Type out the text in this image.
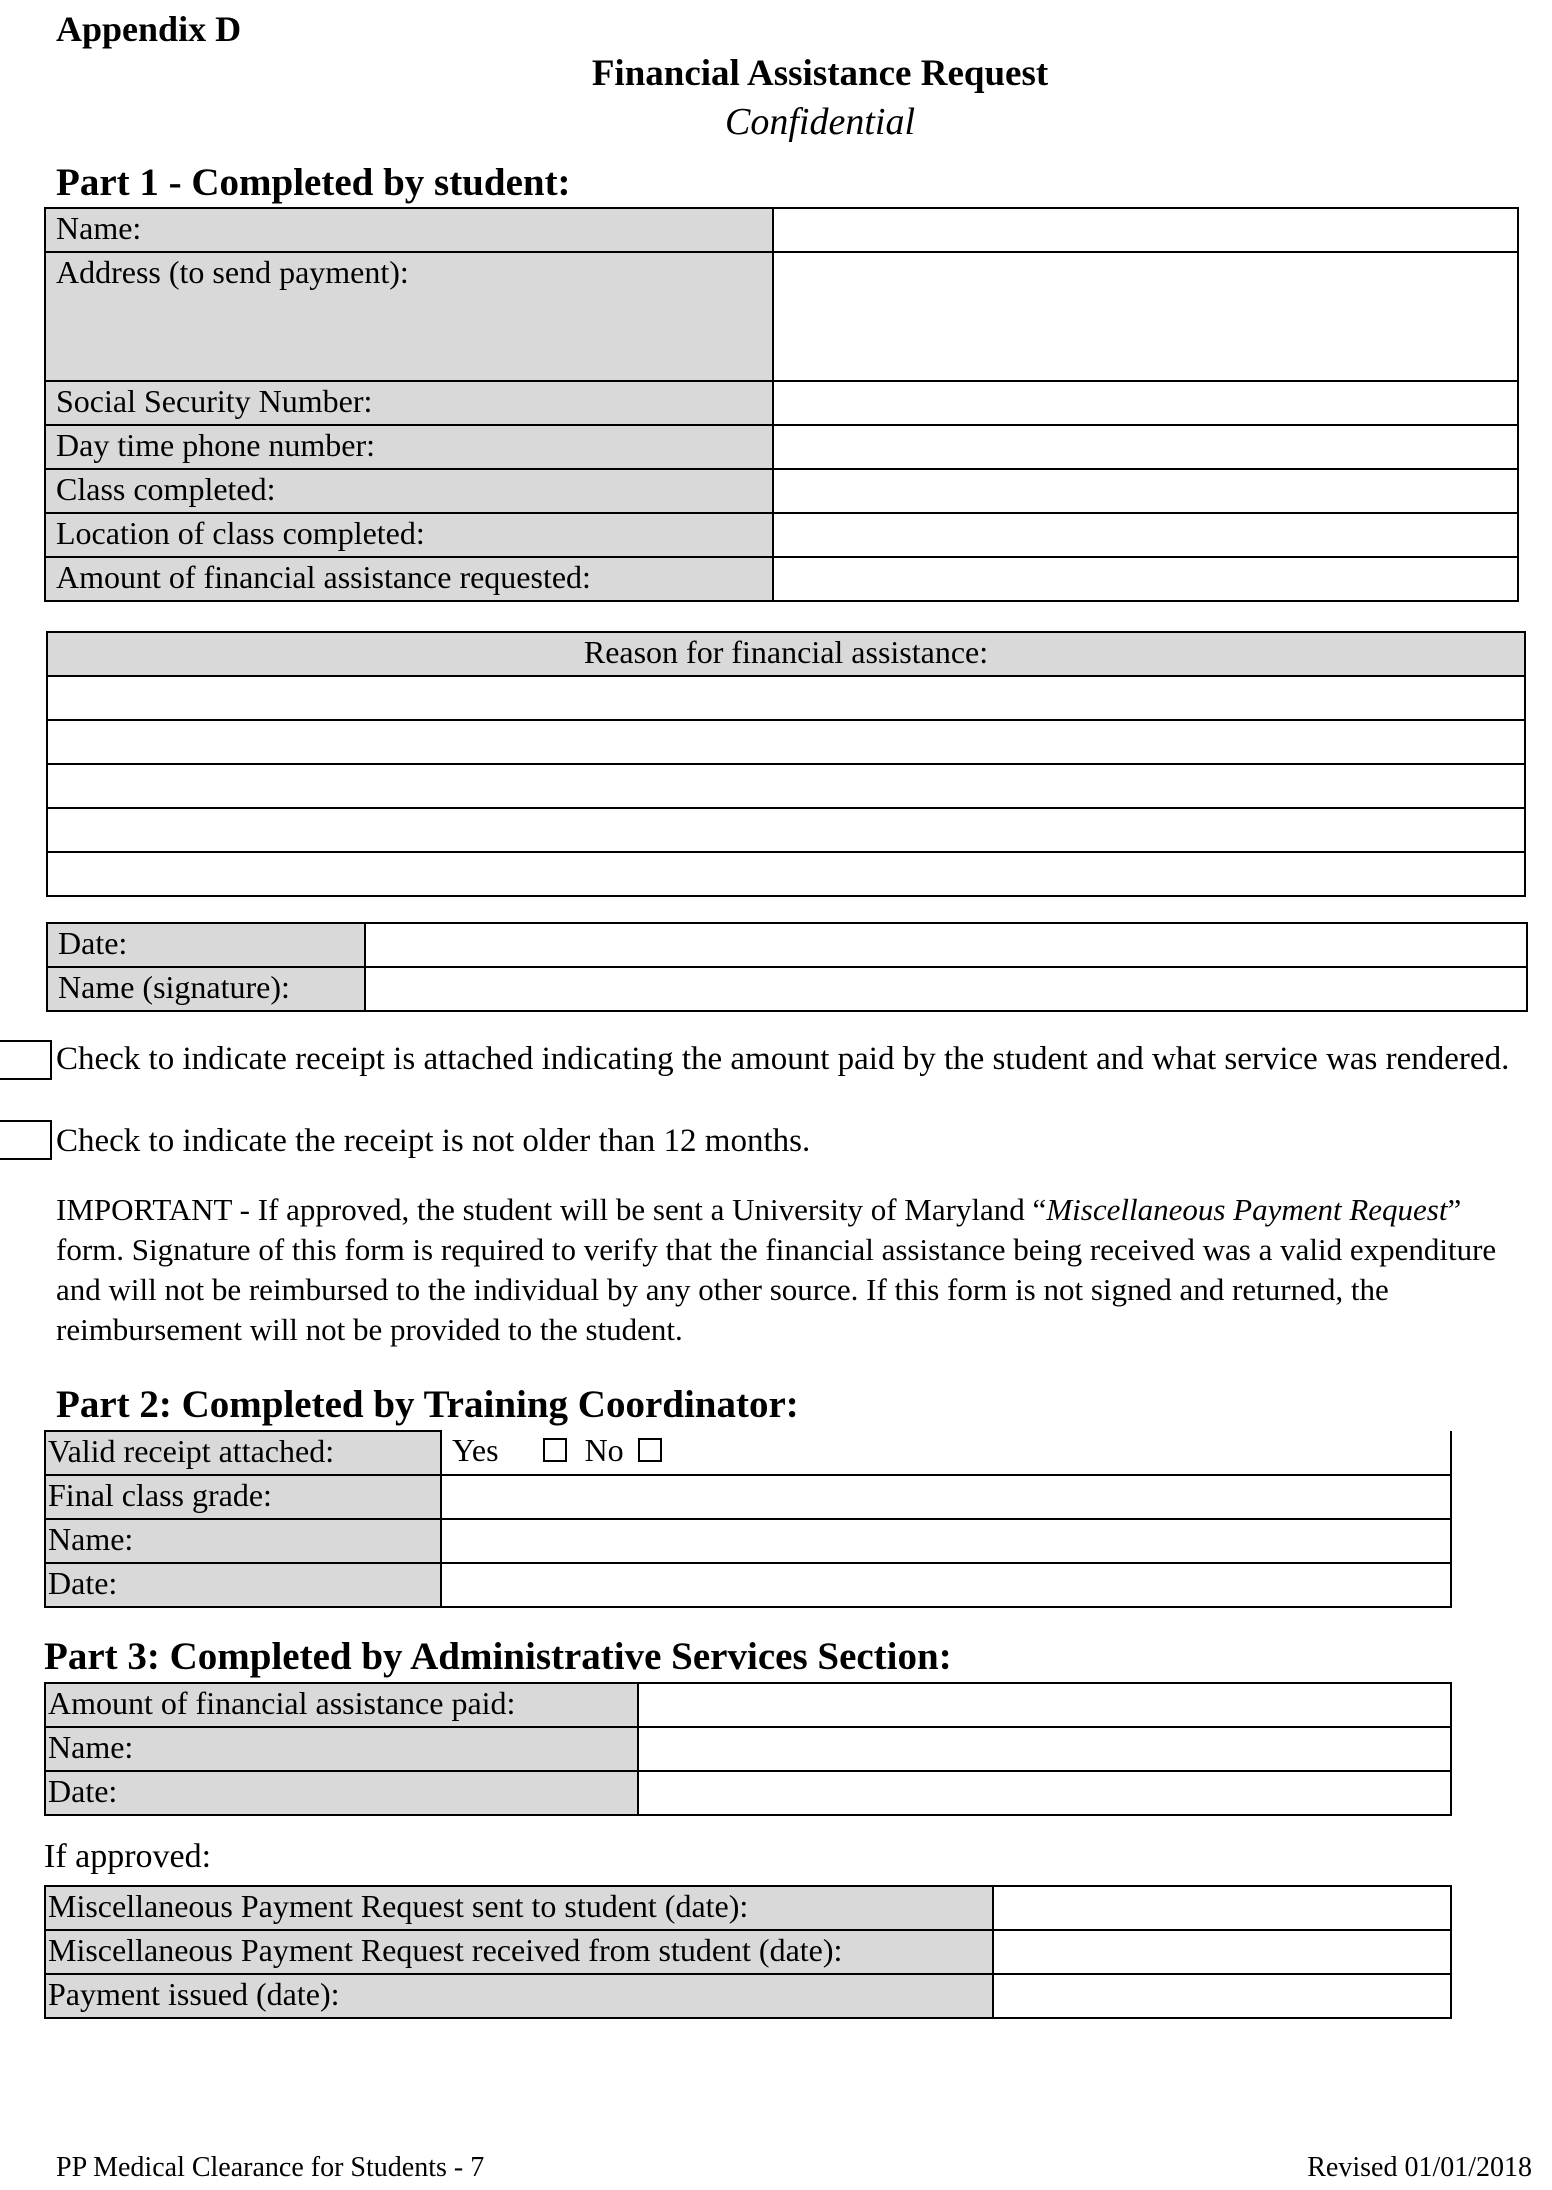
Appendix D
Financial Assistance Request
Confidential
Part 1 - Completed by student:
Name:	
Address (to send payment):	
Social Security Number:	
Day time phone number:	
Class completed:	
Location of class completed:	
Amount of financial assistance requested:	
Reason for financial assistance:

Date:	
Name (signature):	
Check to indicate receipt is attached indicating the amount paid by the student and what service was rendered.
Check to indicate the receipt is not older than 12 months.
IMPORTANT - If approved, the student will be sent a University of Maryland “Miscellaneous Payment Request” form. Signature of this form is required to verify that the financial assistance being received was a valid expenditure and will not be reimbursed to the individual by any other source. If this form is not signed and returned, the reimbursement will not be provided to the student.
Part 2: Completed by Training Coordinator:
Valid receipt attached:	Yes No
Final class grade:	
Name:	
Date:	
Part 3: Completed by Administrative Services Section:
Amount of financial assistance paid:	
Name:	
Date:	
If approved:
Miscellaneous Payment Request sent to student (date):	
Miscellaneous Payment Request received from student (date):	
Payment issued (date):	
PP Medical Clearance for Students - 7	Revised 01/01/2018
